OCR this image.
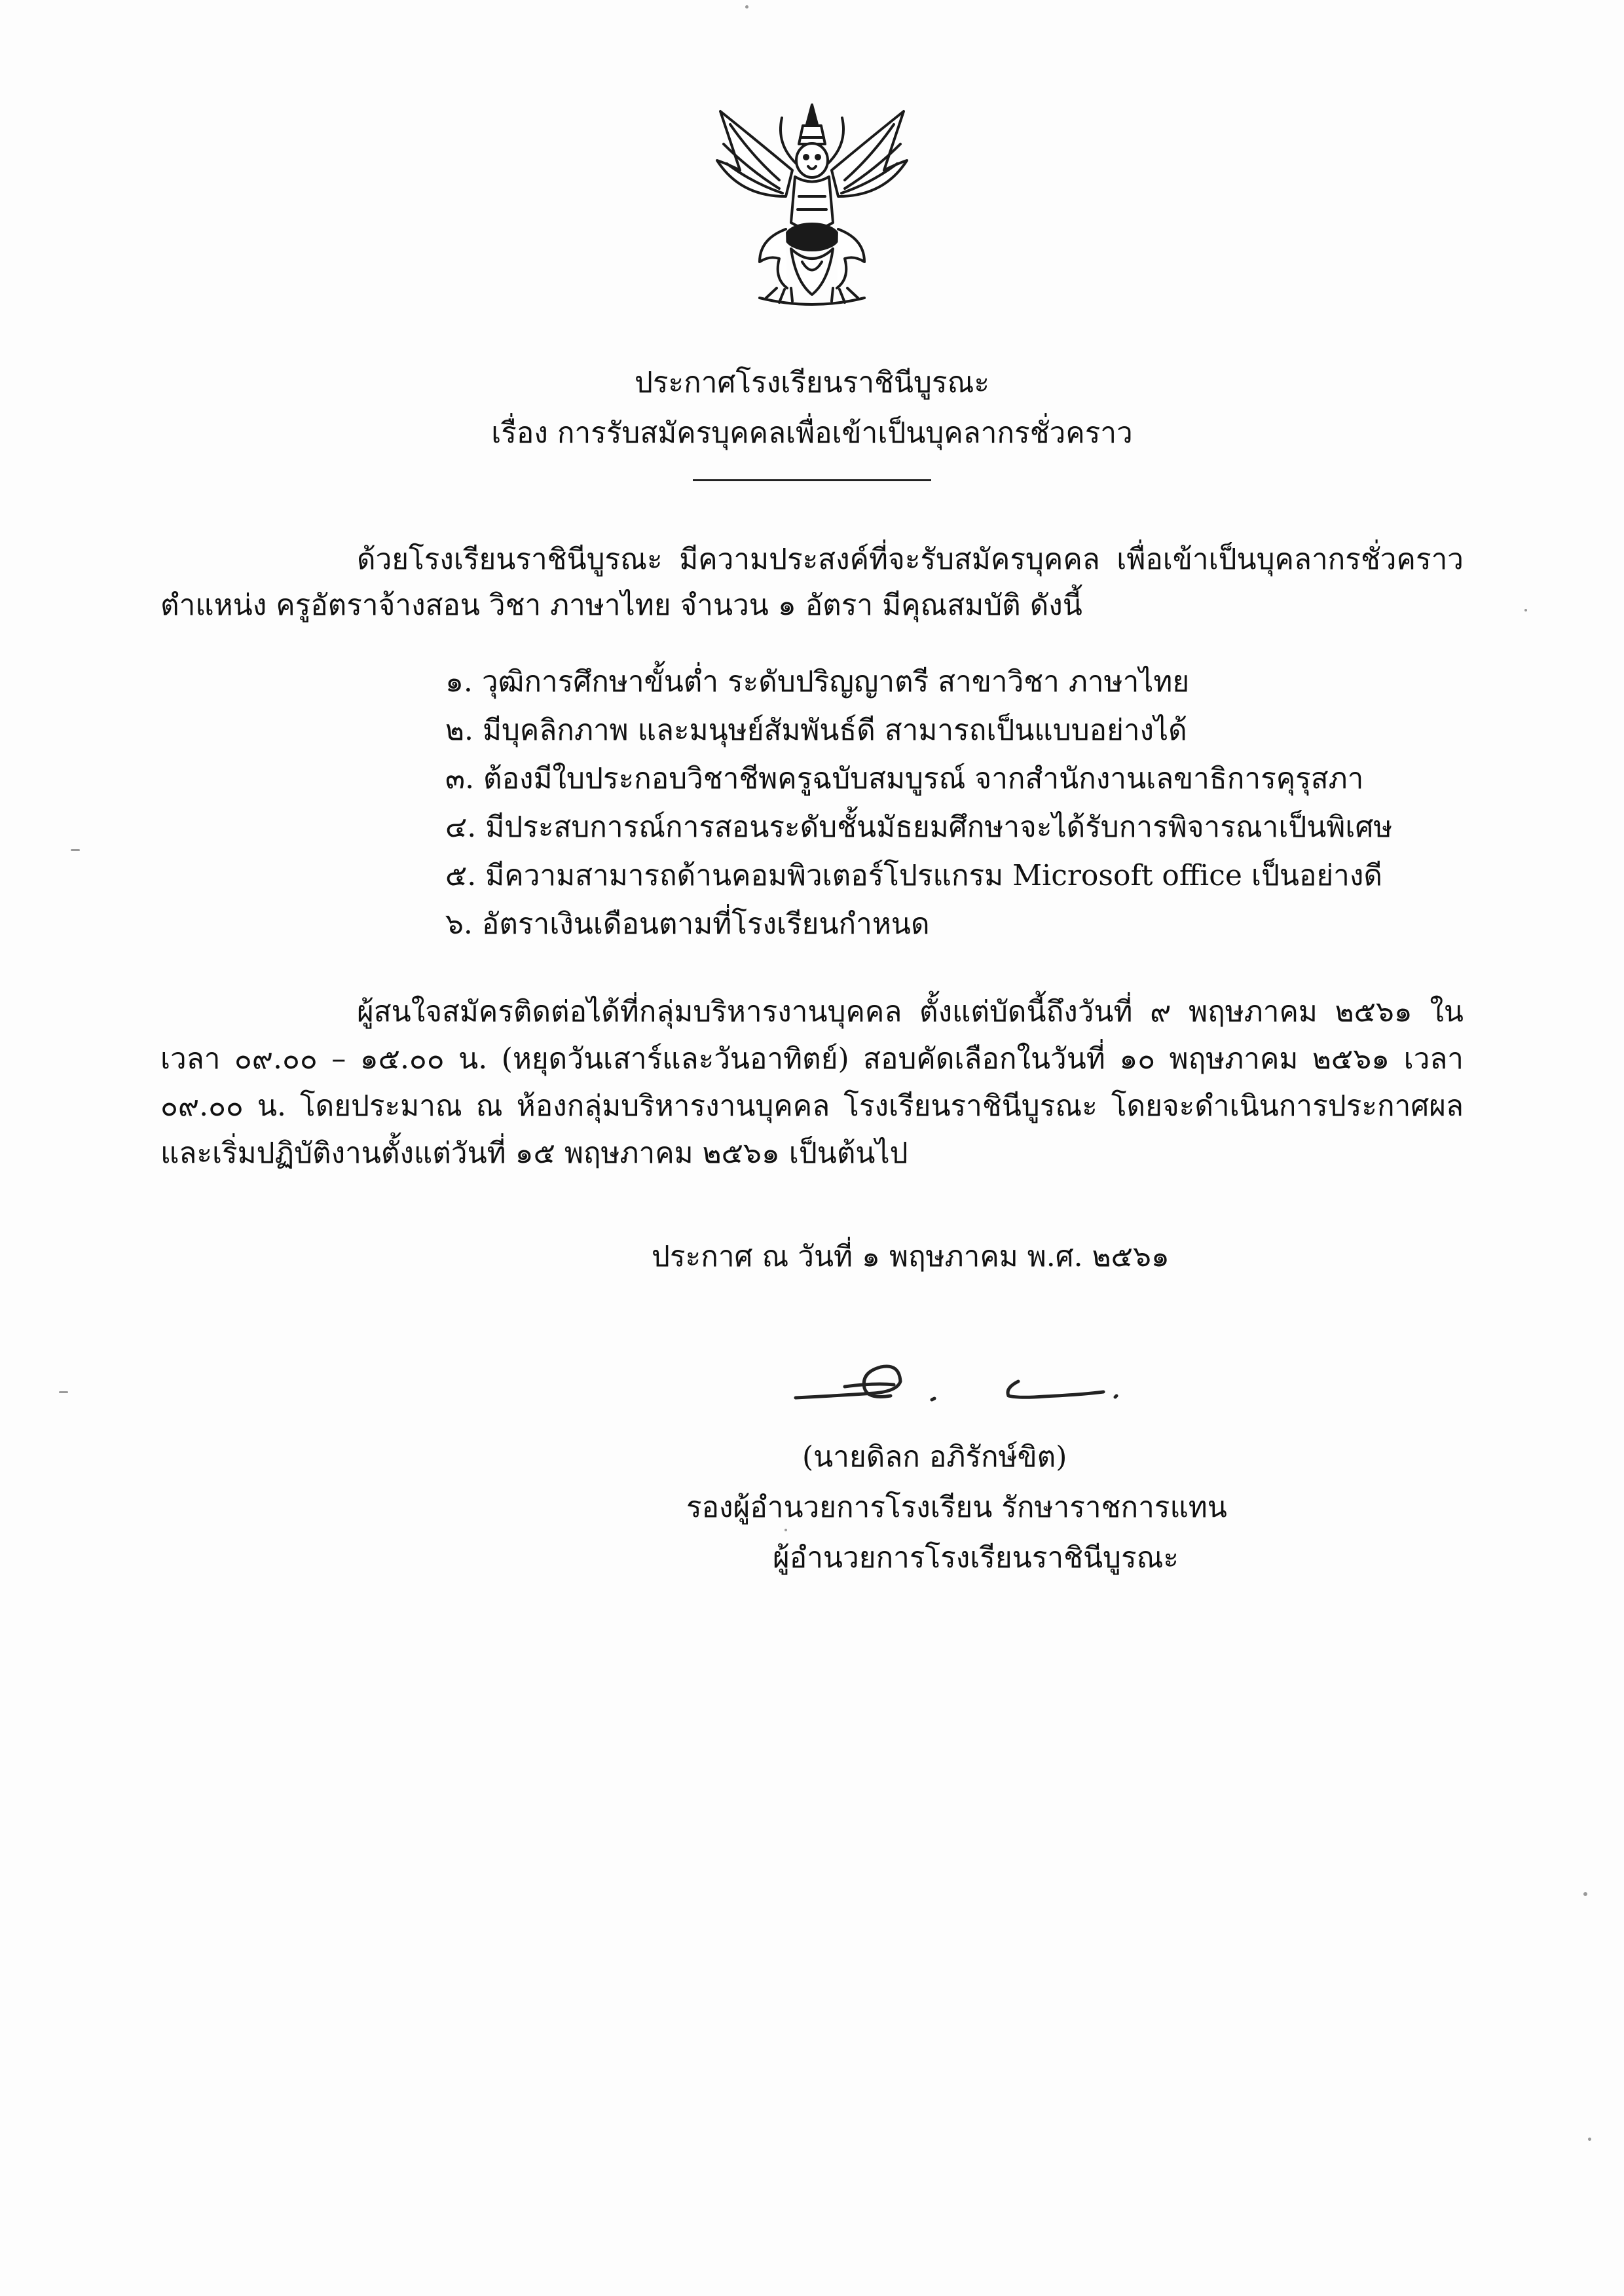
ประกาศโรงเรียนราชินีบูรณะ
เรื่อง การรับสมัครบุคคลเพื่อเข้าเป็นบุคลากรชั่วคราว
ด้วยโรงเรียนราชินีบูรณะ มีความประสงค์ที่จะรับสมัครบุคคล เพื่อเข้าเป็นบุคลากรชั่วคราว ตำแหน่ง ครูอัตราจ้างสอน วิชา ภาษาไทย จำนวน ๑ อัตรา มีคุณสมบัติ ดังนี้
๑. วุฒิการศึกษาขั้นต่ำ ระดับปริญญาตรี สาขาวิชา ภาษาไทย
๒. มีบุคลิกภาพ และมนุษย์สัมพันธ์ดี สามารถเป็นแบบอย่างได้
๓. ต้องมีใบประกอบวิชาชีพครูฉบับสมบูรณ์ จากสำนักงานเลขาธิการคุรุสภา
๔. มีประสบการณ์การสอนระดับชั้นมัธยมศึกษาจะได้รับการพิจารณาเป็นพิเศษ
๕. มีความสามารถด้านคอมพิวเตอร์โปรแกรม Microsoft office เป็นอย่างดี
๖. อัตราเงินเดือนตามที่โรงเรียนกำหนด
ผู้สนใจสมัครติดต่อได้ที่กลุ่มบริหารงานบุคคล ตั้งแต่บัดนี้ถึงวันที่ ๙ พฤษภาคม ๒๕๖๑ ในเวลา ๐๙.๐๐ – ๑๕.๐๐ น. (หยุดวันเสาร์และวันอาทิตย์) สอบคัดเลือกในวันที่ ๑๐ พฤษภาคม ๒๕๖๑ เวลา ๐๙.๐๐ น. โดยประมาณ ณ ห้องกลุ่มบริหารงานบุคคล โรงเรียนราชินีบูรณะ โดยจะดำเนินการประกาศผลและเริ่มปฏิบัติงานตั้งแต่วันที่ ๑๕ พฤษภาคม ๒๕๖๑ เป็นต้นไป
ประกาศ ณ วันที่ ๑ พฤษภาคม พ.ศ. ๒๕๖๑
(นายดิลก อภิรักษ์ขิต)
รองผู้อำนวยการโรงเรียน รักษาราชการแทน
ผู้อำนวยการโรงเรียนราชินีบูรณะ
